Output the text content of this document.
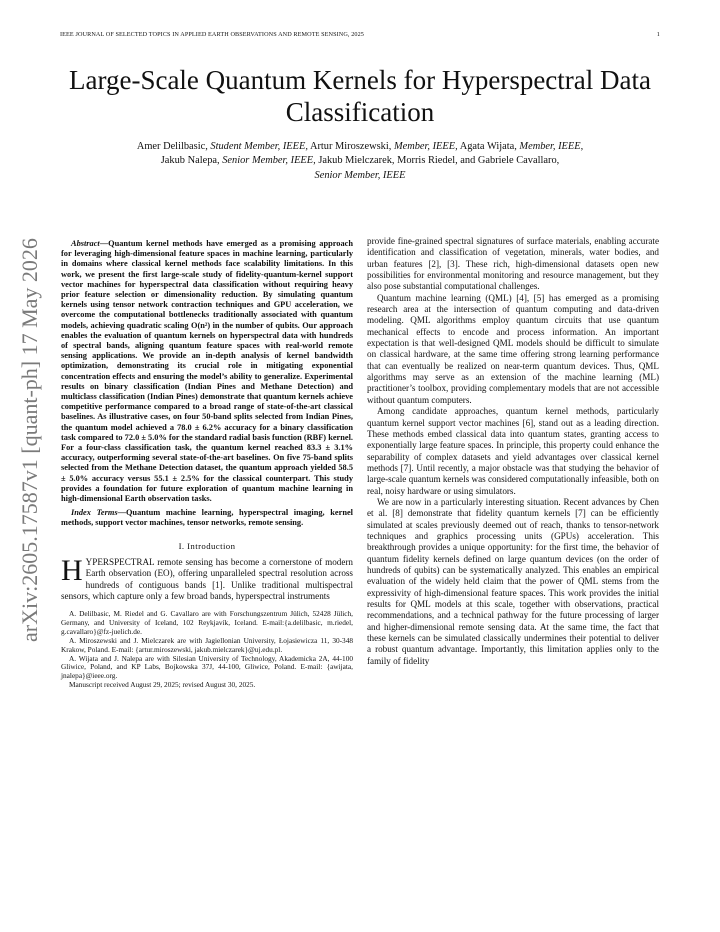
IEEE JOURNAL OF SELECTED TOPICS IN APPLIED EARTH OBSERVATIONS AND REMOTE SENSING, 2025	1
Large-Scale Quantum Kernels for Hyperspectral Data Classification
Amer Delilbasic, Student Member, IEEE, Artur Miroszewski, Member, IEEE, Agata Wijata, Member, IEEE,
Jakub Nalepa, Senior Member, IEEE, Jakub Mielczarek, Morris Riedel, and Gabriele Cavallaro,
Senior Member, IEEE
arXiv:2605.17587v1 [quant-ph] 17 May 2026	Abstract—Quantum kernel methods have emerged as a promising approach for leveraging high-dimensional feature spaces in machine learning, particularly in domains where classical kernel methods face scalability limitations. In this work, we present the first large-scale study of fidelity-quantum-kernel support vector machines for hyperspectral data classification without requiring heavy prior feature selection or dimensionality reduction. By simulating quantum kernels using tensor network contraction techniques and GPU acceleration, we overcome the computational bottlenecks traditionally associated with quantum models, achieving quadratic scaling O(n²) in the number of qubits. Our approach enables the evaluation of quantum kernels on hyperspectral data with hundreds of spectral bands, aligning quantum feature spaces with real-world remote sensing applications. We provide an in-depth analysis of kernel bandwidth optimization, demonstrating its crucial role in mitigating exponential concentration effects and ensuring the model’s ability to generalize. Experimental results on binary classification (Indian Pines and Methane Detection) and multiclass classification (Indian Pines) demonstrate that quantum kernels achieve competitive performance compared to a broad range of state-of-the-art classical baselines. As illustrative cases, on four 50-band splits selected from Indian Pines, the quantum model achieved a 78.0 ± 6.2% accuracy for a binary classification task compared to 72.0 ± 5.0% for the standard radial basis function (RBF) kernel. For a four-class classification task, the quantum kernel reached 83.3 ± 3.1% accuracy, outperforming several state-of-the-art baselines. On five 75-band splits selected from the Methane Detection dataset, the quantum approach yielded 58.5 ± 5.0% accuracy versus 55.1 ± 2.5% for the classical counterpart. This study provides a foundation for future exploration of quantum machine learning in high-dimensional Earth observation tasks.

Index Terms—Quantum machine learning, hyperspectral imaging, kernel methods, support vector machines, tensor networks, remote sensing.

I. Introduction

HYPERSPECTRAL remote sensing has become a cornerstone of modern Earth observation (EO), offering unparalleled spectral resolution across hundreds of contiguous bands [1]. Unlike traditional multispectral sensors, which capture only a few broad bands, hyperspectral instruments

A. Delilbasic, M. Riedel and G. Cavallaro are with Forschungszentrum Jülich, 52428 Jülich, Germany, and University of Iceland, 102 Reykjavík, Iceland. E-mail:{a.delilbasic, m.riedel, g.cavallaro}@fz-juelich.de.

A. Miroszewski and J. Mielczarek are with Jagiellonian University, Łojasiewicza 11, 30-348 Krakow, Poland. E-mail: {artur.miroszewski, jakub.mielczarek}@uj.edu.pl.

A. Wijata and J. Nalepa are with Silesian University of Technology, Akademicka 2A, 44-100 Gliwice, Poland, and KP Labs, Bojkowska 37J, 44-100, Gliwice, Poland. E-mail: {awijata, jnalepa}@ieee.org.

Manuscript received August 29, 2025; revised August 30, 2025.

provide fine-grained spectral signatures of surface materials, enabling accurate identification and classification of vegetation, minerals, water bodies, and urban features [2], [3]. These rich, high-dimensional datasets open new possibilities for environmental monitoring and resource management, but they also pose substantial computational challenges.

Quantum machine learning (QML) [4], [5] has emerged as a promising research area at the intersection of quantum computing and data-driven modeling. QML algorithms employ quantum circuits that use quantum mechanical effects to encode and process information. An important expectation is that well-designed QML models should be difficult to simulate on classical hardware, at the same time offering strong learning performance that can eventually be realized on near-term quantum devices. Thus, QML algorithms may serve as an extension of the machine learning (ML) practitioner’s toolbox, providing complementary models that are not accessible without quantum computers.

Among candidate approaches, quantum kernel methods, particularly quantum kernel support vector machines [6], stand out as a leading direction. These methods embed classical data into quantum states, granting access to exponentially large feature spaces. In principle, this property could enhance the separability of complex datasets and yield advantages over classical kernel methods [7]. Until recently, a major obstacle was that studying the behavior of large-scale quantum kernels was considered computationally infeasible, both on real, noisy hardware or using simulators.

We are now in a particularly interesting situation. Recent advances by Chen et al. [8] demonstrate that fidelity quantum kernels [7] can be efficiently simulated at scales previously deemed out of reach, thanks to tensor-network techniques and graphics processing units (GPUs) acceleration. This breakthrough provides a unique opportunity: for the first time, the behavior of quantum fidelity kernels defined on large quantum devices (on the order of hundreds of qubits) can be systematically analyzed. This enables an empirical evaluation of the widely held claim that the power of QML stems from the expressivity of high-dimensional feature spaces. This work provides the initial results for QML models at this scale, together with observations, practical recommendations, and a technical pathway for the future processing of larger and higher-dimensional remote sensing data. At the same time, the fact that these kernels can be simulated classically undermines their potential to deliver a robust quantum advantage. Importantly, this limitation applies only to the family of fidelity
